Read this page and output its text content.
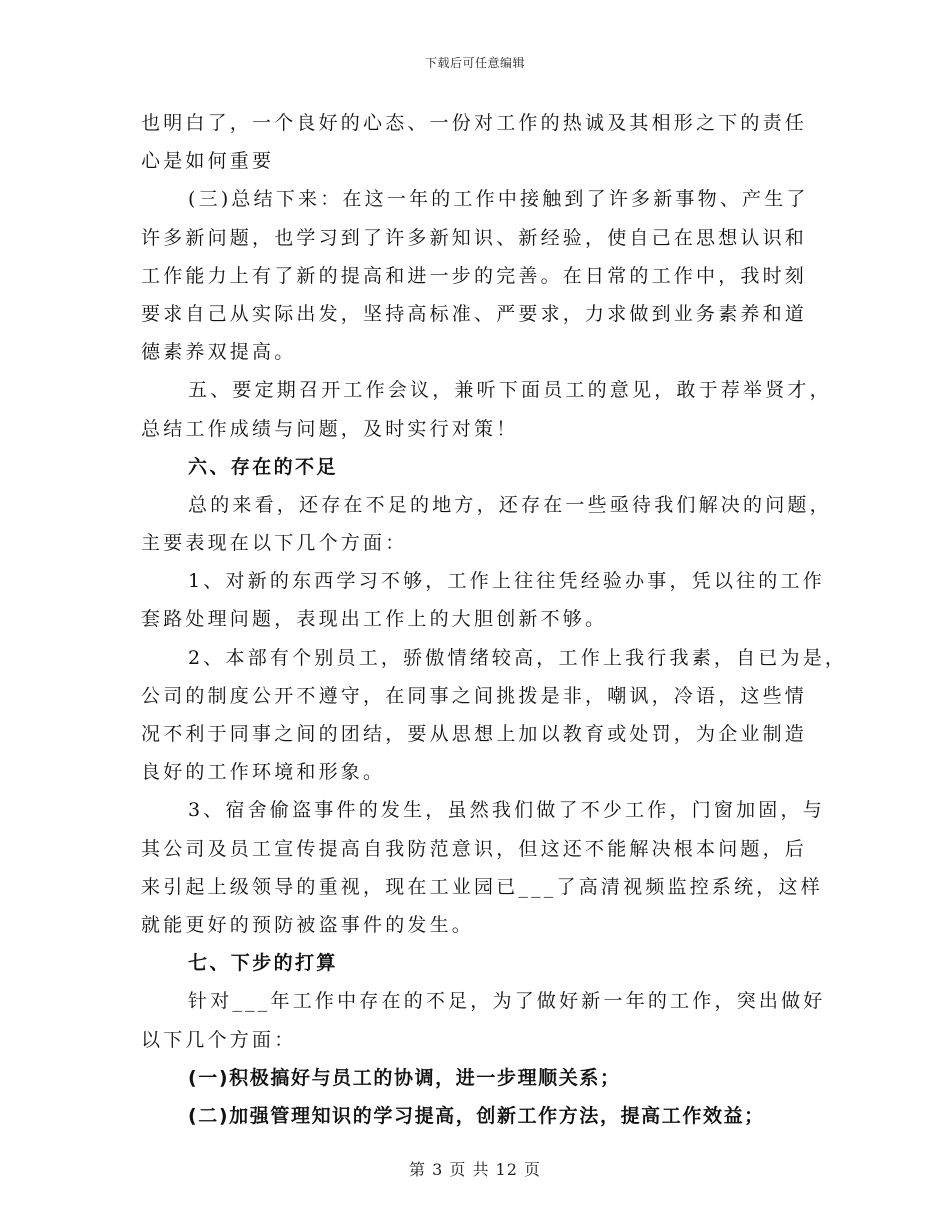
下载后可任意编辑
也明白了，一个良好的心态、一份对工作的热诚及其相形之下的责任
心是如何重要
(三)总结下来：在这一年的工作中接触到了许多新事物、产生了
许多新问题，也学习到了许多新知识、新经验，使自己在思想认识和
工作能力上有了新的提高和进一步的完善。在日常的工作中，我时刻
要求自己从实际出发，坚持高标准、严要求，力求做到业务素养和道
德素养双提高。
五、要定期召开工作会议，兼听下面员工的意见，敢于荐举贤才，
总结工作成绩与问题，及时实行对策！
六、存在的不足
总的来看，还存在不足的地方，还存在一些亟待我们解决的问题，
主要表现在以下几个方面：
1、对新的东西学习不够，工作上往往凭经验办事，凭以往的工作
套路处理问题，表现出工作上的大胆创新不够。
2、本部有个别员工，骄傲情绪较高，工作上我行我素，自已为是，
公司的制度公开不遵守，在同事之间挑拨是非，嘲讽，冷语，这些情
况不利于同事之间的团结，要从思想上加以教育或处罚，为企业制造
良好的工作环境和形象。
3、宿舍偷盗事件的发生，虽然我们做了不少工作，门窗加固，与
其公司及员工宣传提高自我防范意识，但这还不能解决根本问题，后
来引起上级领导的重视，现在工业园已___了高清视频监控系统，这样
就能更好的预防被盗事件的发生。
七、下步的打算
针对___年工作中存在的不足，为了做好新一年的工作，突出做好
以下几个方面：
(一)积极搞好与员工的协调，进一步理顺关系；
(二)加强管理知识的学习提高，创新工作方法，提高工作效益；
第 3 页 共 12 页
